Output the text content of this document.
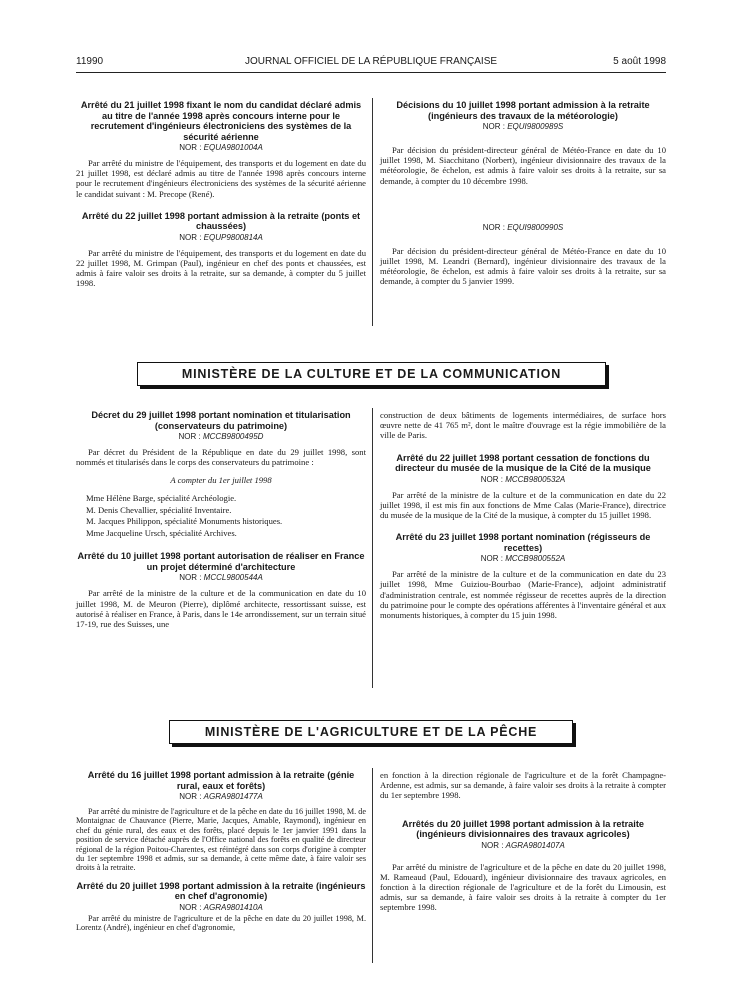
11990	JOURNAL OFFICIEL DE LA RÉPUBLIQUE FRANÇAISE	5 août 1998
Arrêté du 21 juillet 1998 fixant le nom du candidat déclaré admis au titre de l'année 1998 après concours interne pour le recrutement d'ingénieurs électroniciens des systèmes de la sécurité aérienne
NOR : EQUA9801004A

Par arrêté du ministre de l'équipement, des transports et du logement en date du 21 juillet 1998, est déclaré admis au titre de l'année 1998 après concours interne pour le recrutement d'ingénieurs électroniciens des systèmes de la sécurité aérienne le candidat suivant : M. Precope (René).

Arrêté du 22 juillet 1998 portant admission à la retraite (ponts et chaussées)
NOR : EQUP9800814A

Par arrêté du ministre de l'équipement, des transports et du logement en date du 22 juillet 1998, M. Grimpan (Paul), ingénieur en chef des ponts et chaussées, est admis à faire valoir ses droits à la retraite, sur sa demande, à compter du 5 juillet 1998.

Décisions du 10 juillet 1998 portant admission à la retraite (ingénieurs des travaux de la météorologie)
NOR : EQUI9800989S

Par décision du président-directeur général de Météo-France en date du 10 juillet 1998, M. Siacchitano (Norbert), ingénieur divisionnaire des travaux de la météorologie, 8e échelon, est admis à faire valoir ses droits à la retraite, sur sa demande, à compter du 10 décembre 1998.

NOR : EQUI9800990S

Par décision du président-directeur général de Météo-France en date du 10 juillet 1998, M. Leandri (Bernard), ingénieur divisionnaire des travaux de la météorologie, 8e échelon, est admis à faire valoir ses droits à la retraite, sur sa demande, à compter du 5 janvier 1999.

MINISTÈRE DE LA CULTURE ET DE LA COMMUNICATION
Décret du 29 juillet 1998 portant nomination et titularisation (conservateurs du patrimoine)
NOR : MCCB9800495D

Par décret du Président de la République en date du 29 juillet 1998, sont nommés et titularisés dans le corps des conservateurs du patrimoine :

A compter du 1er juillet 1998

Mme Hélène Barge, spécialité Archéologie.

M. Denis Chevallier, spécialité Inventaire.

M. Jacques Philippon, spécialité Monuments historiques.

Mme Jacqueline Ursch, spécialité Archives.

Arrêté du 10 juillet 1998 portant autorisation de réaliser en France un projet déterminé d'architecture
NOR : MCCL9800544A

Par arrêté de la ministre de la culture et de la communication en date du 10 juillet 1998, M. de Meuron (Pierre), diplômé architecte, ressortissant suisse, est autorisé à réaliser en France, à Paris, dans le 14e arrondissement, sur un terrain situé 17-19, rue des Suisses, une

construction de deux bâtiments de logements intermédiaires, de surface hors œuvre nette de 41 765 m², dont le maître d'ouvrage est la régie immobilière de la ville de Paris.

Arrêté du 22 juillet 1998 portant cessation de fonctions du directeur du musée de la musique de la Cité de la musique
NOR : MCCB9800532A

Par arrêté de la ministre de la culture et de la communication en date du 22 juillet 1998, il est mis fin aux fonctions de Mme Calas (Marie-France), directrice du musée de la musique de la Cité de la musique, à compter du 15 juillet 1998.

Arrêté du 23 juillet 1998 portant nomination (régisseurs de recettes)
NOR : MCCB9800552A

Par arrêté de la ministre de la culture et de la communication en date du 23 juillet 1998, Mme Guiziou-Bourbao (Marie-France), adjoint administratif d'administration centrale, est nommée régisseur de recettes auprès de la direction du patrimoine pour le compte des opérations afférentes à l'inventaire général et aux monuments historiques, à compter du 15 juin 1998.

MINISTÈRE DE L'AGRICULTURE ET DE LA PÊCHE
Arrêté du 16 juillet 1998 portant admission à la retraite (génie rural, eaux et forêts)
NOR : AGRA9801477A

Par arrêté du ministre de l'agriculture et de la pêche en date du 16 juillet 1998, M. de Montaignac de Chauvance (Pierre, Marie, Jacques, Amable, Raymond), ingénieur en chef du génie rural, des eaux et des forêts, placé depuis le 1er janvier 1991 dans la position de service détaché auprès de l'Office national des forêts en qualité de directeur régional de la région Poitou-Charentes, est réintégré dans son corps d'origine à compter du 1er septembre 1998 et admis, sur sa demande, à cette même date, à faire valoir ses droits à la retraite.

Arrêté du 20 juillet 1998 portant admission à la retraite (ingénieurs en chef d'agronomie)
NOR : AGRA9801410A

Par arrêté du ministre de l'agriculture et de la pêche en date du 20 juillet 1998, M. Lorentz (André), ingénieur en chef d'agronomie,

en fonction à la direction régionale de l'agriculture et de la forêt Champagne-Ardenne, est admis, sur sa demande, à faire valoir ses droits à la retraite à compter du 1er septembre 1998.

Arrêtés du 20 juillet 1998 portant admission à la retraite (ingénieurs divisionnaires des travaux agricoles)
NOR : AGRA9801407A

Par arrêté du ministre de l'agriculture et de la pêche en date du 20 juillet 1998, M. Rameaud (Paul, Edouard), ingénieur divisionnaire des travaux agricoles, en fonction à la direction régionale de l'agriculture et de la forêt du Limousin, est admis, sur sa demande, à faire valoir ses droits à la retraite à compter du 1er septembre 1998.
